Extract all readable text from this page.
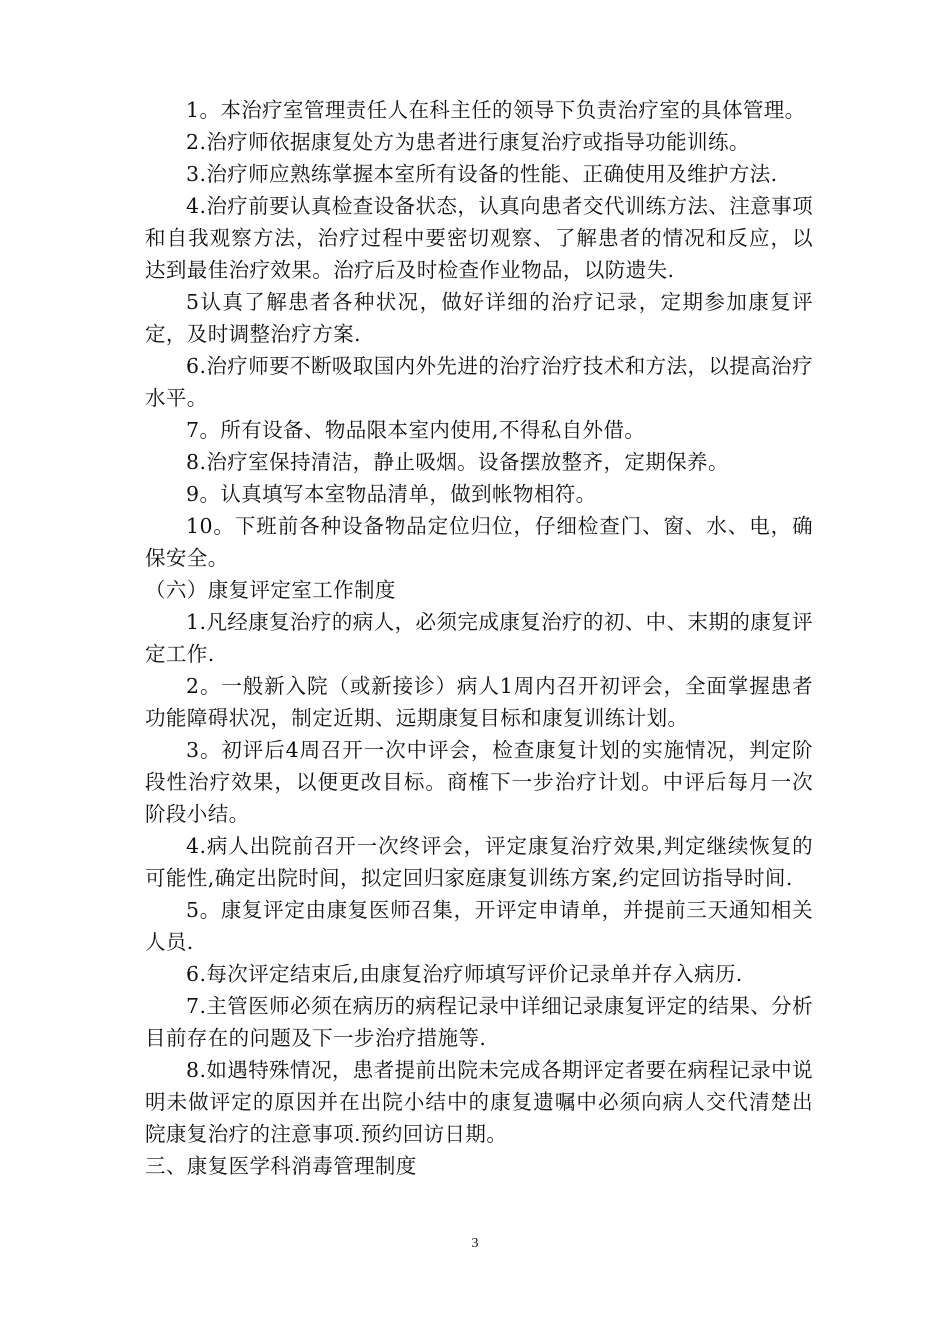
1。本治疗室管理责任人在科主任的领导下负责治疗室的具体管理。

2.治疗师依据康复处方为患者进行康复治疗或指导功能训练。

3.治疗师应熟练掌握本室所有设备的性能、正确使用及维护方法.

4.治疗前要认真检查设备状态，认真向患者交代训练方法、注意事项和自我观察方法，治疗过程中要密切观察、了解患者的情况和反应，以达到最佳治疗效果。治疗后及时检查作业物品，以防遗失.

5认真了解患者各种状况，做好详细的治疗记录，定期参加康复评定，及时调整治疗方案.

6.治疗师要不断吸取国内外先进的治疗治疗技术和方法，以提高治疗水平。

7。所有设备、物品限本室内使用,不得私自外借。

8.治疗室保持清洁，静止吸烟。设备摆放整齐，定期保养。

9。认真填写本室物品清单，做到帐物相符。

10。下班前各种设备物品定位归位，仔细检查门、窗、水、电，确保安全。

（六）康复评定室工作制度

1.凡经康复治疗的病人，必须完成康复治疗的初、中、末期的康复评定工作.

2。一般新入院（或新接诊）病人1周内召开初评会，全面掌握患者功能障碍状况，制定近期、远期康复目标和康复训练计划。

3。初评后4周召开一次中评会，检查康复计划的实施情况，判定阶段性治疗效果，以便更改目标。商榷下一步治疗计划。中评后每月一次阶段小结。

4.病人出院前召开一次终评会，评定康复治疗效果,判定继续恢复的可能性,确定出院时间，拟定回归家庭康复训练方案,约定回访指导时间.

5。康复评定由康复医师召集，开评定申请单，并提前三天通知相关人员.

6.每次评定结束后,由康复治疗师填写评价记录单并存入病历.

7.主管医师必须在病历的病程记录中详细记录康复评定的结果、分析目前存在的问题及下一步治疗措施等.

8.如遇特殊情况，患者提前出院未完成各期评定者要在病程记录中说明未做评定的原因并在出院小结中的康复遗嘱中必须向病人交代清楚出院康复治疗的注意事项.预约回访日期。

三、康复医学科消毒管理制度

3
